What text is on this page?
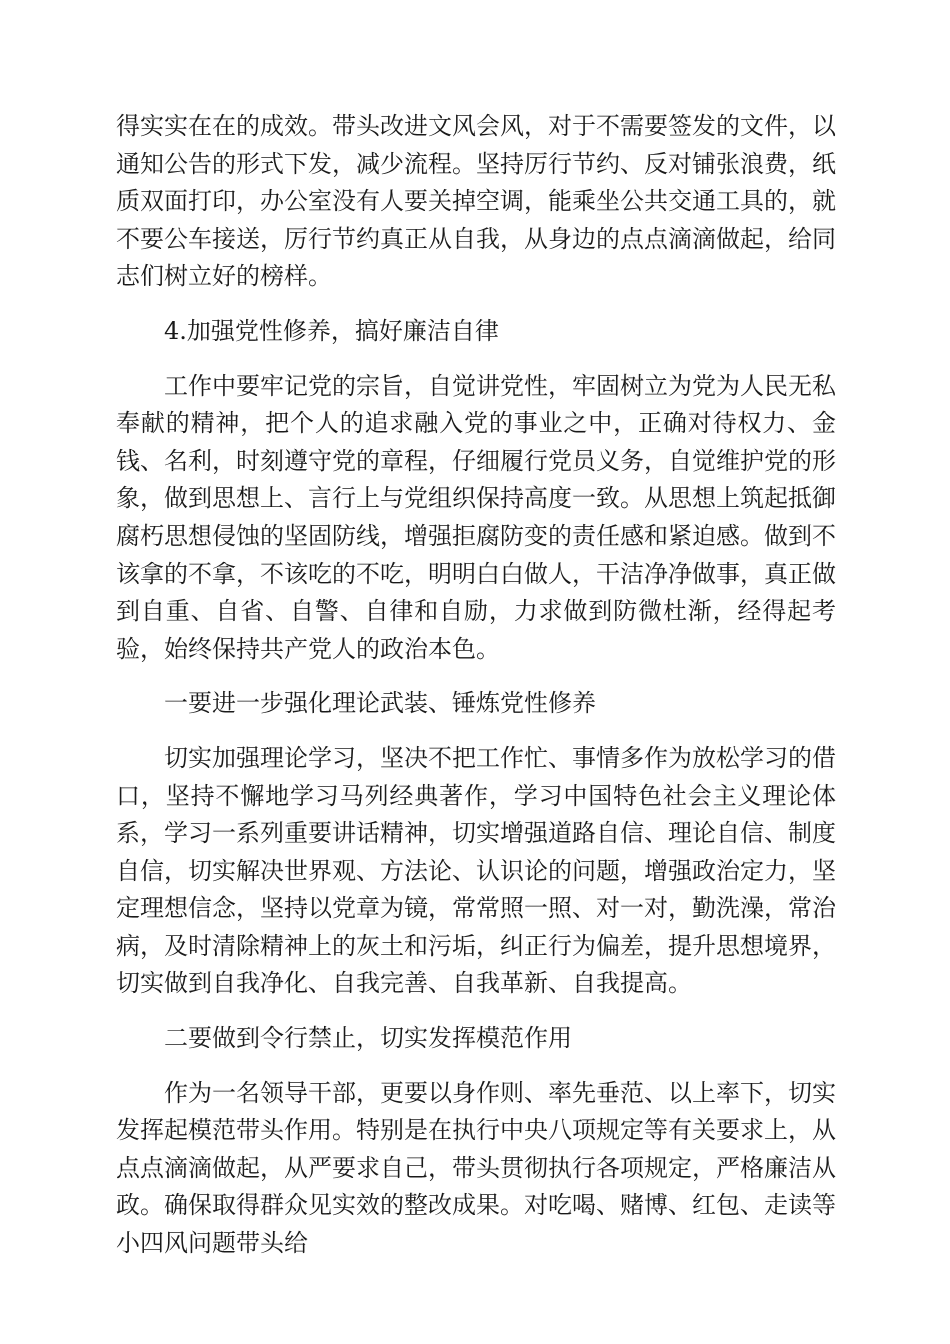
得实实在在的成效。带头改进文风会风，对于不需要签发的文件，以通知公告的形式下发，减少流程。坚持厉行节约、反对铺张浪费，纸质双面打印，办公室没有人要关掉空调，能乘坐公共交通工具的，就不要公车接送，厉行节约真正从自我，从身边的点点滴滴做起，给同志们树立好的榜样。

4.加强党性修养，搞好廉洁自律

工作中要牢记党的宗旨，自觉讲党性，牢固树立为党为人民无私奉献的精神，把个人的追求融入党的事业之中，正确对待权力、金钱、名利，时刻遵守党的章程，仔细履行党员义务，自觉维护党的形象，做到思想上、言行上与党组织保持高度一致。从思想上筑起抵御腐朽思想侵蚀的坚固防线，增强拒腐防变的责任感和紧迫感。做到不该拿的不拿，不该吃的不吃，明明白白做人，干洁净净做事，真正做到自重、自省、自警、自律和自励，力求做到防微杜渐，经得起考验，始终保持共产党人的政治本色。

一要进一步强化理论武装、锤炼党性修养

切实加强理论学习，坚决不把工作忙、事情多作为放松学习的借口，坚持不懈地学习马列经典著作，学习中国特色社会主义理论体系，学习一系列重要讲话精神，切实增强道路自信、理论自信、制度自信，切实解决世界观、方法论、认识论的问题，增强政治定力，坚定理想信念，坚持以党章为镜，常常照一照、对一对，勤洗澡，常治病，及时清除精神上的灰土和污垢，纠正行为偏差，提升思想境界，切实做到自我净化、自我完善、自我革新、自我提高。

二要做到令行禁止，切实发挥模范作用

作为一名领导干部，更要以身作则、率先垂范、以上率下，切实发挥起模范带头作用。特别是在执行中央八项规定等有关要求上，从点点滴滴做起，从严要求自己，带头贯彻执行各项规定，严格廉洁从政。确保取得群众见实效的整改成果。对吃喝、赌博、红包、走读等小四风问题带头给
